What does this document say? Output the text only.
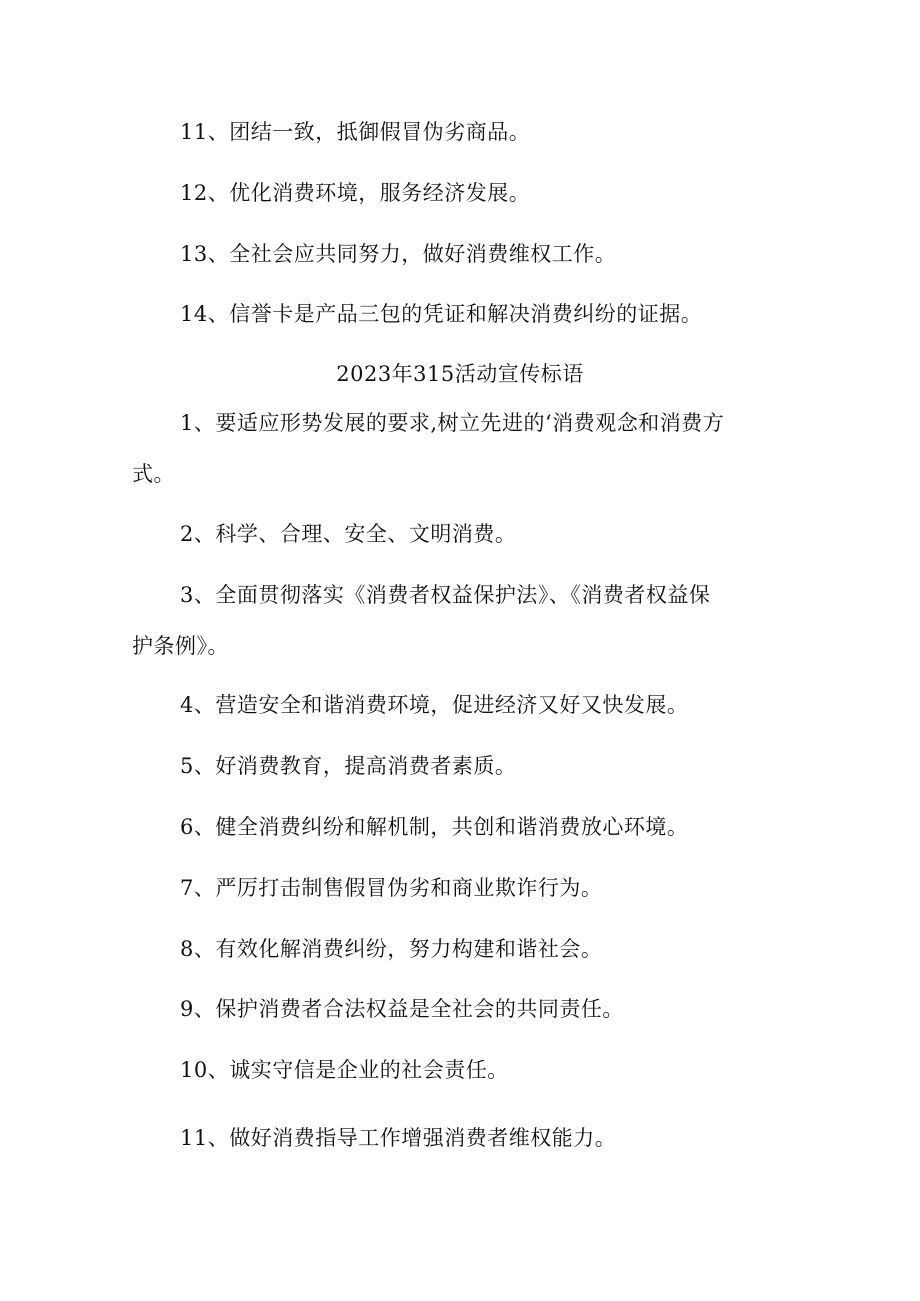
11、团结一致，抵御假冒伪劣商品。
12、优化消费环境，服务经济发展。
13、全社会应共同努力，做好消费维权工作。
14、信誉卡是产品三包的凭证和解决消费纠纷的证据。
2023年315活动宣传标语
1、要适应形势发展的要求,树立先进的‘消费观念和消费方
式。
2、科学、合理、安全、文明消费。
3、全面贯彻落实《消费者权益保护法》、《消费者权益保
护条例》。
4、营造安全和谐消费环境，促进经济又好又快发展。
5、好消费教育，提高消费者素质。
6、健全消费纠纷和解机制，共创和谐消费放心环境。
7、严厉打击制售假冒伪劣和商业欺诈行为。
8、有效化解消费纠纷，努力构建和谐社会。
9、保护消费者合法权益是全社会的共同责任。
10、诚实守信是企业的社会责任。
11、做好消费指导工作增强消费者维权能力。
